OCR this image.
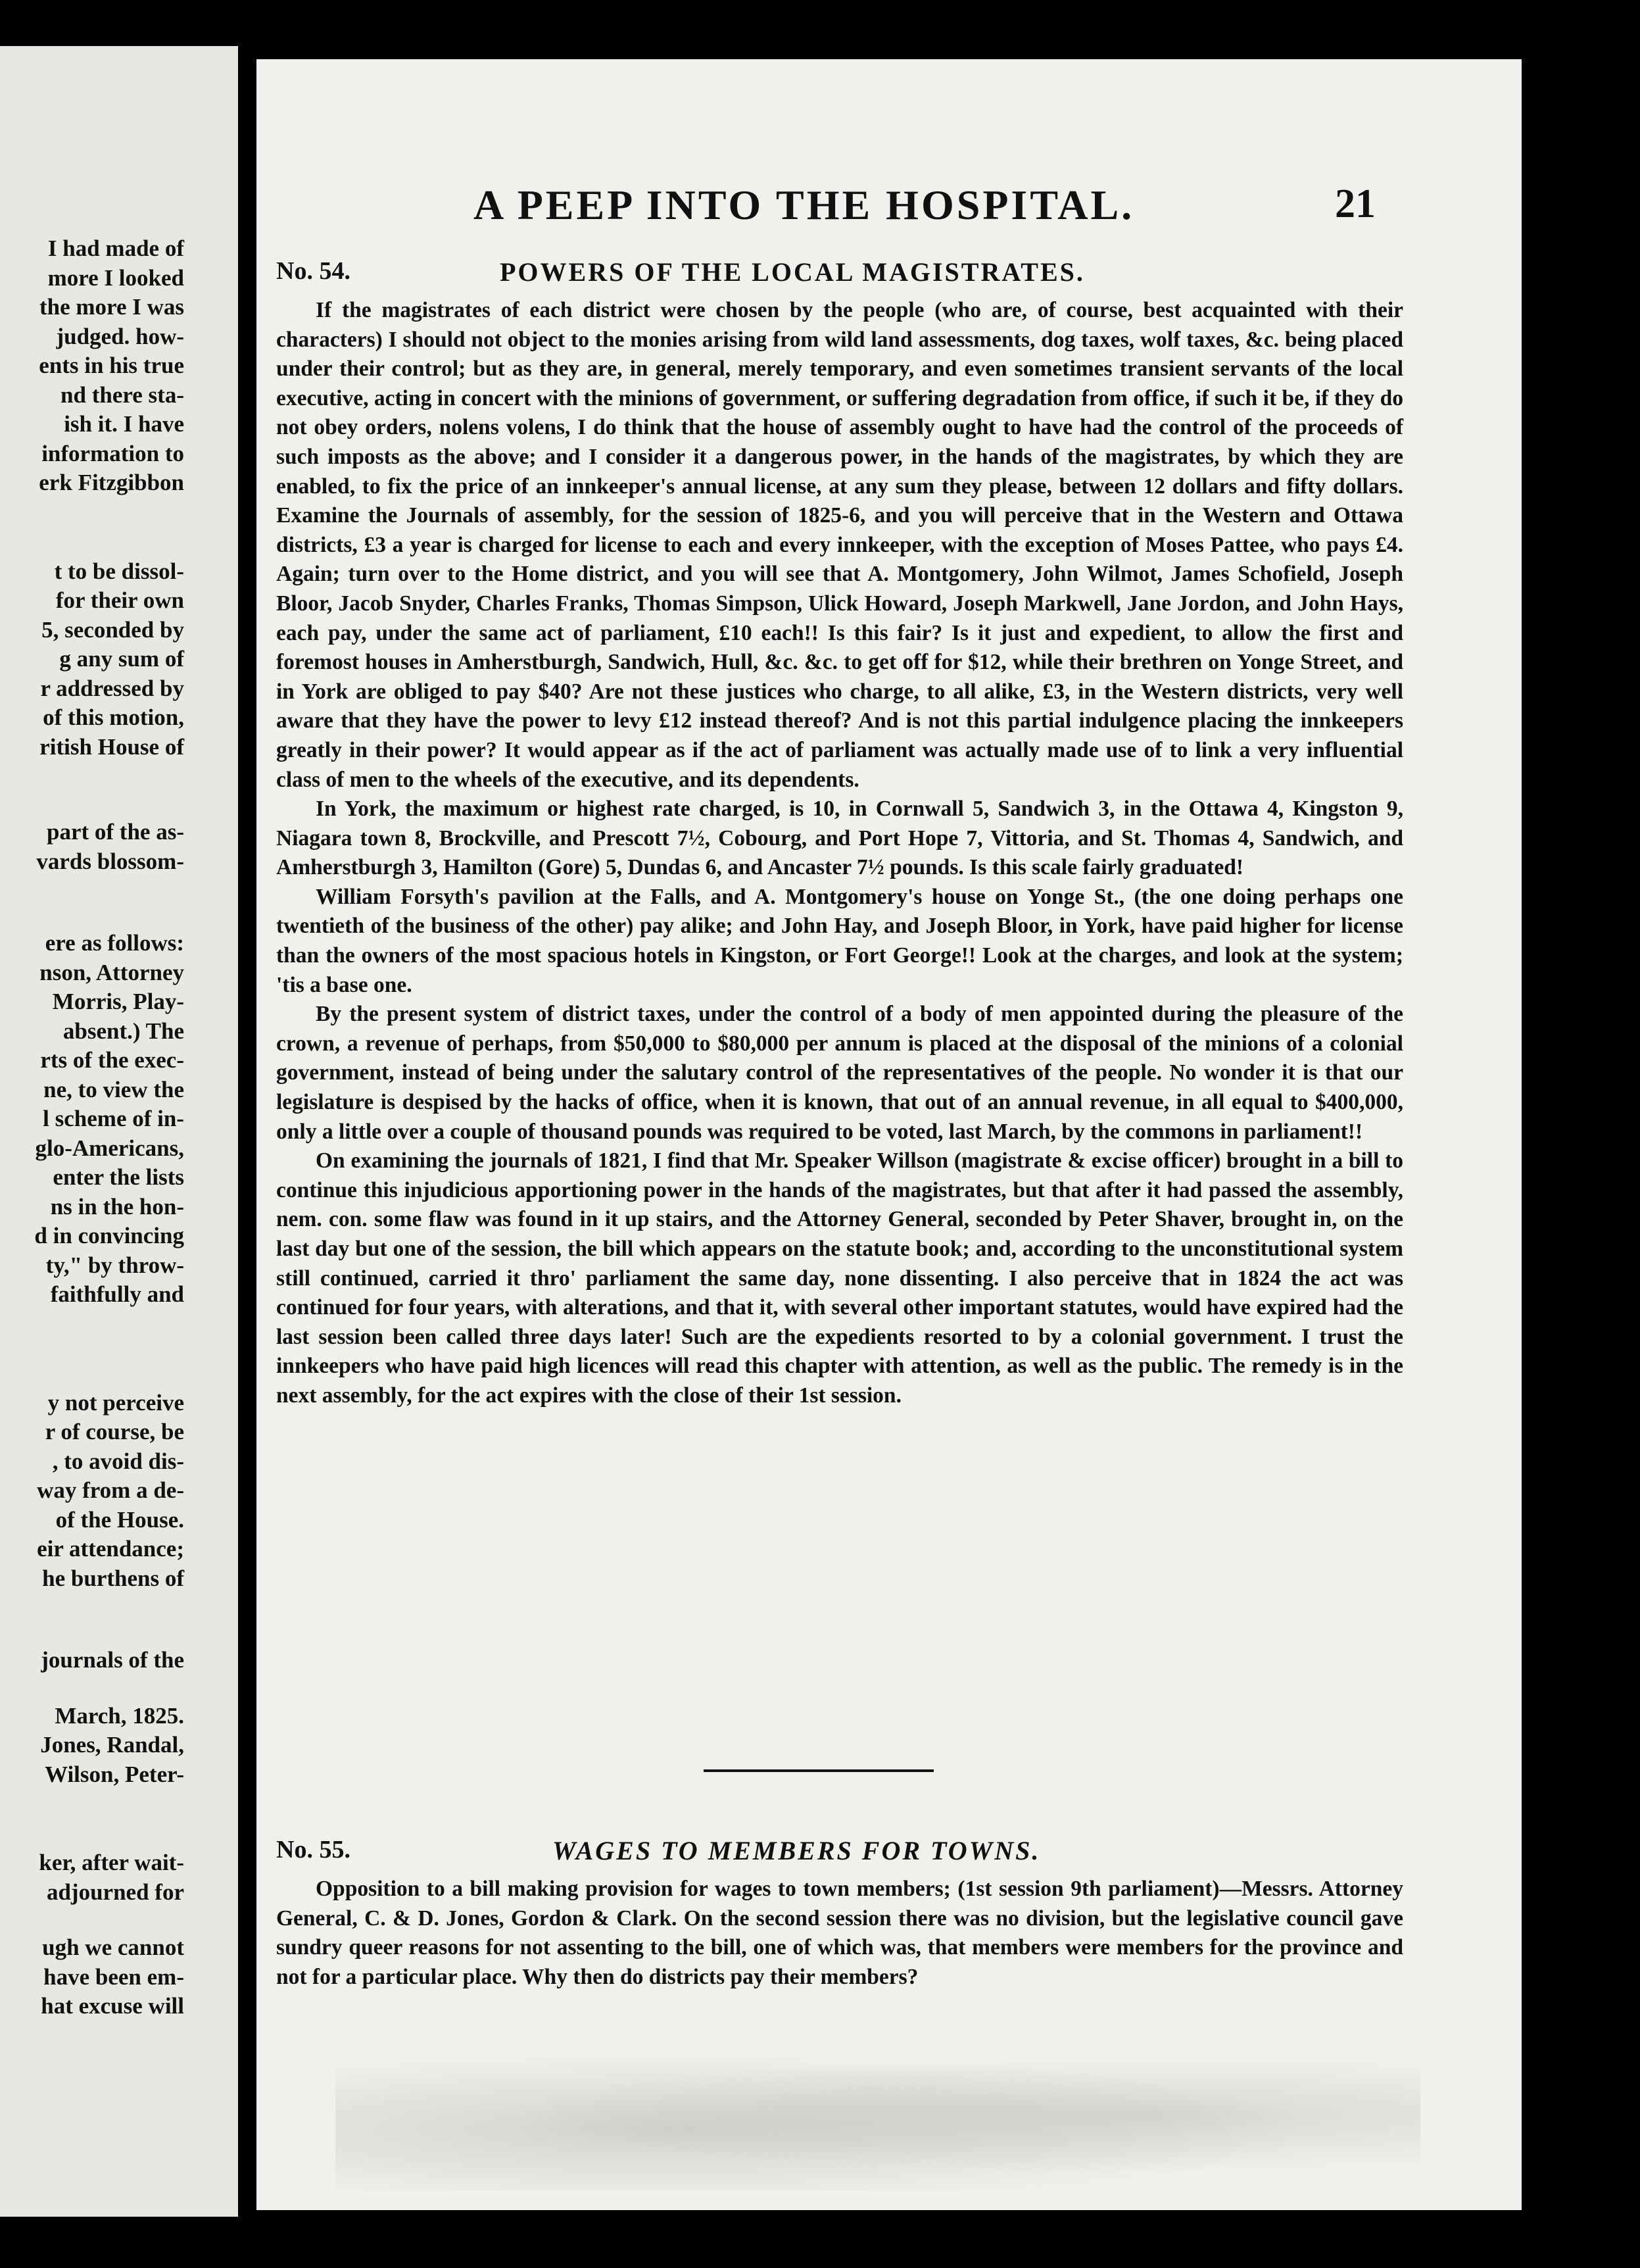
I had made of
more I looked
the more I was
judged. how-
ents in his true
nd there sta-
ish it. I have
information to
erk Fitzgibbon
t to be dissol-
for their own
5, seconded by
g any sum of
r addressed by
of this motion,
ritish House of
part of the as-
vards blossom-
ere as follows:
nson, Attorney
Morris, Play-
absent.) The
rts of the exec-
ne, to view the
l scheme of in-
glo-Americans,
enter the lists
ns in the hon-
d in convincing
ty," by throw-
faithfully and
y not perceive
r of course, be
, to avoid dis-
way from a de-
of the House.
eir attendance;
he burthens of
journals of the
March, 1825.
Jones, Randal,
Wilson, Peter-
ker, after wait-
adjourned for
ugh we cannot
have been em-
hat excuse will
A PEEP INTO THE HOSPITAL.	21
No. 54.	POWERS OF THE LOCAL MAGISTRATES.

If the magistrates of each district were chosen by the people (who are, of course, best acquainted with their characters) I should not object to the monies arising from wild land assessments, dog taxes, wolf taxes, &c. being placed under their control; but as they are, in general, merely temporary, and even sometimes transient servants of the local executive, acting in concert with the minions of government, or suffering degradation from office, if such it be, if they do not obey orders, nolens volens, I do think that the house of assembly ought to have had the control of the proceeds of such imposts as the above; and I consider it a dangerous power, in the hands of the magistrates, by which they are enabled, to fix the price of an innkeeper's annual license, at any sum they please, between 12 dollars and fifty dollars. Examine the Journals of assembly, for the session of 1825-6, and you will perceive that in the Western and Ottawa districts, £3 a year is charged for license to each and every innkeeper, with the exception of Moses Pattee, who pays £4. Again; turn over to the Home district, and you will see that A. Montgomery, John Wilmot, James Schofield, Joseph Bloor, Jacob Snyder, Charles Franks, Thomas Simpson, Ulick Howard, Joseph Markwell, Jane Jordon, and John Hays, each pay, under the same act of parliament, £10 each!! Is this fair? Is it just and expedient, to allow the first and foremost houses in Amherstburgh, Sandwich, Hull, &c. &c. to get off for $12, while their brethren on Yonge Street, and in York are obliged to pay $40? Are not these justices who charge, to all alike, £3, in the Western districts, very well aware that they have the power to levy £12 instead thereof? And is not this partial indulgence placing the innkeepers greatly in their power? It would appear as if the act of parliament was actually made use of to link a very influential class of men to the wheels of the executive, and its dependents.

In York, the maximum or highest rate charged, is 10, in Cornwall 5, Sandwich 3, in the Ottawa 4, Kingston 9, Niagara town 8, Brockville, and Prescott 7½, Cobourg, and Port Hope 7, Vittoria, and St. Thomas 4, Sandwich, and Amherstburgh 3, Hamilton (Gore) 5, Dundas 6, and Ancaster 7½ pounds. Is this scale fairly graduated!

William Forsyth's pavilion at the Falls, and A. Montgomery's house on Yonge St., (the one doing perhaps one twentieth of the business of the other) pay alike; and John Hay, and Joseph Bloor, in York, have paid higher for license than the owners of the most spacious hotels in Kingston, or Fort George!! Look at the charges, and look at the system; 'tis a base one.

By the present system of district taxes, under the control of a body of men appointed during the pleasure of the crown, a revenue of perhaps, from $50,000 to $80,000 per annum is placed at the disposal of the minions of a colonial government, instead of being under the salutary control of the representatives of the people. No wonder it is that our legislature is despised by the hacks of office, when it is known, that out of an annual revenue, in all equal to $400,000, only a little over a couple of thousand pounds was required to be voted, last March, by the commons in parliament!!

On examining the journals of 1821, I find that Mr. Speaker Willson (magistrate & excise officer) brought in a bill to continue this injudicious apportioning power in the hands of the magistrates, but that after it had passed the assembly, nem. con. some flaw was found in it up stairs, and the Attorney General, seconded by Peter Shaver, brought in, on the last day but one of the session, the bill which appears on the statute book; and, according to the unconstitutional system still continued, carried it thro' parliament the same day, none dissenting. I also perceive that in 1824 the act was continued for four years, with alterations, and that it, with several other important statutes, would have expired had the last session been called three days later! Such are the expedients resorted to by a colonial government. I trust the innkeepers who have paid high licences will read this chapter with attention, as well as the public. The remedy is in the next assembly, for the act expires with the close of their 1st session.

No. 55.	WAGES TO MEMBERS FOR TOWNS.

Opposition to a bill making provision for wages to town members; (1st session 9th parliament)—Messrs. Attorney General, C. & D. Jones, Gordon & Clark. On the second session there was no division, but the legislative council gave sundry queer reasons for not assenting to the bill, one of which was, that members were members for the province and not for a particular place. Why then do districts pay their members?
